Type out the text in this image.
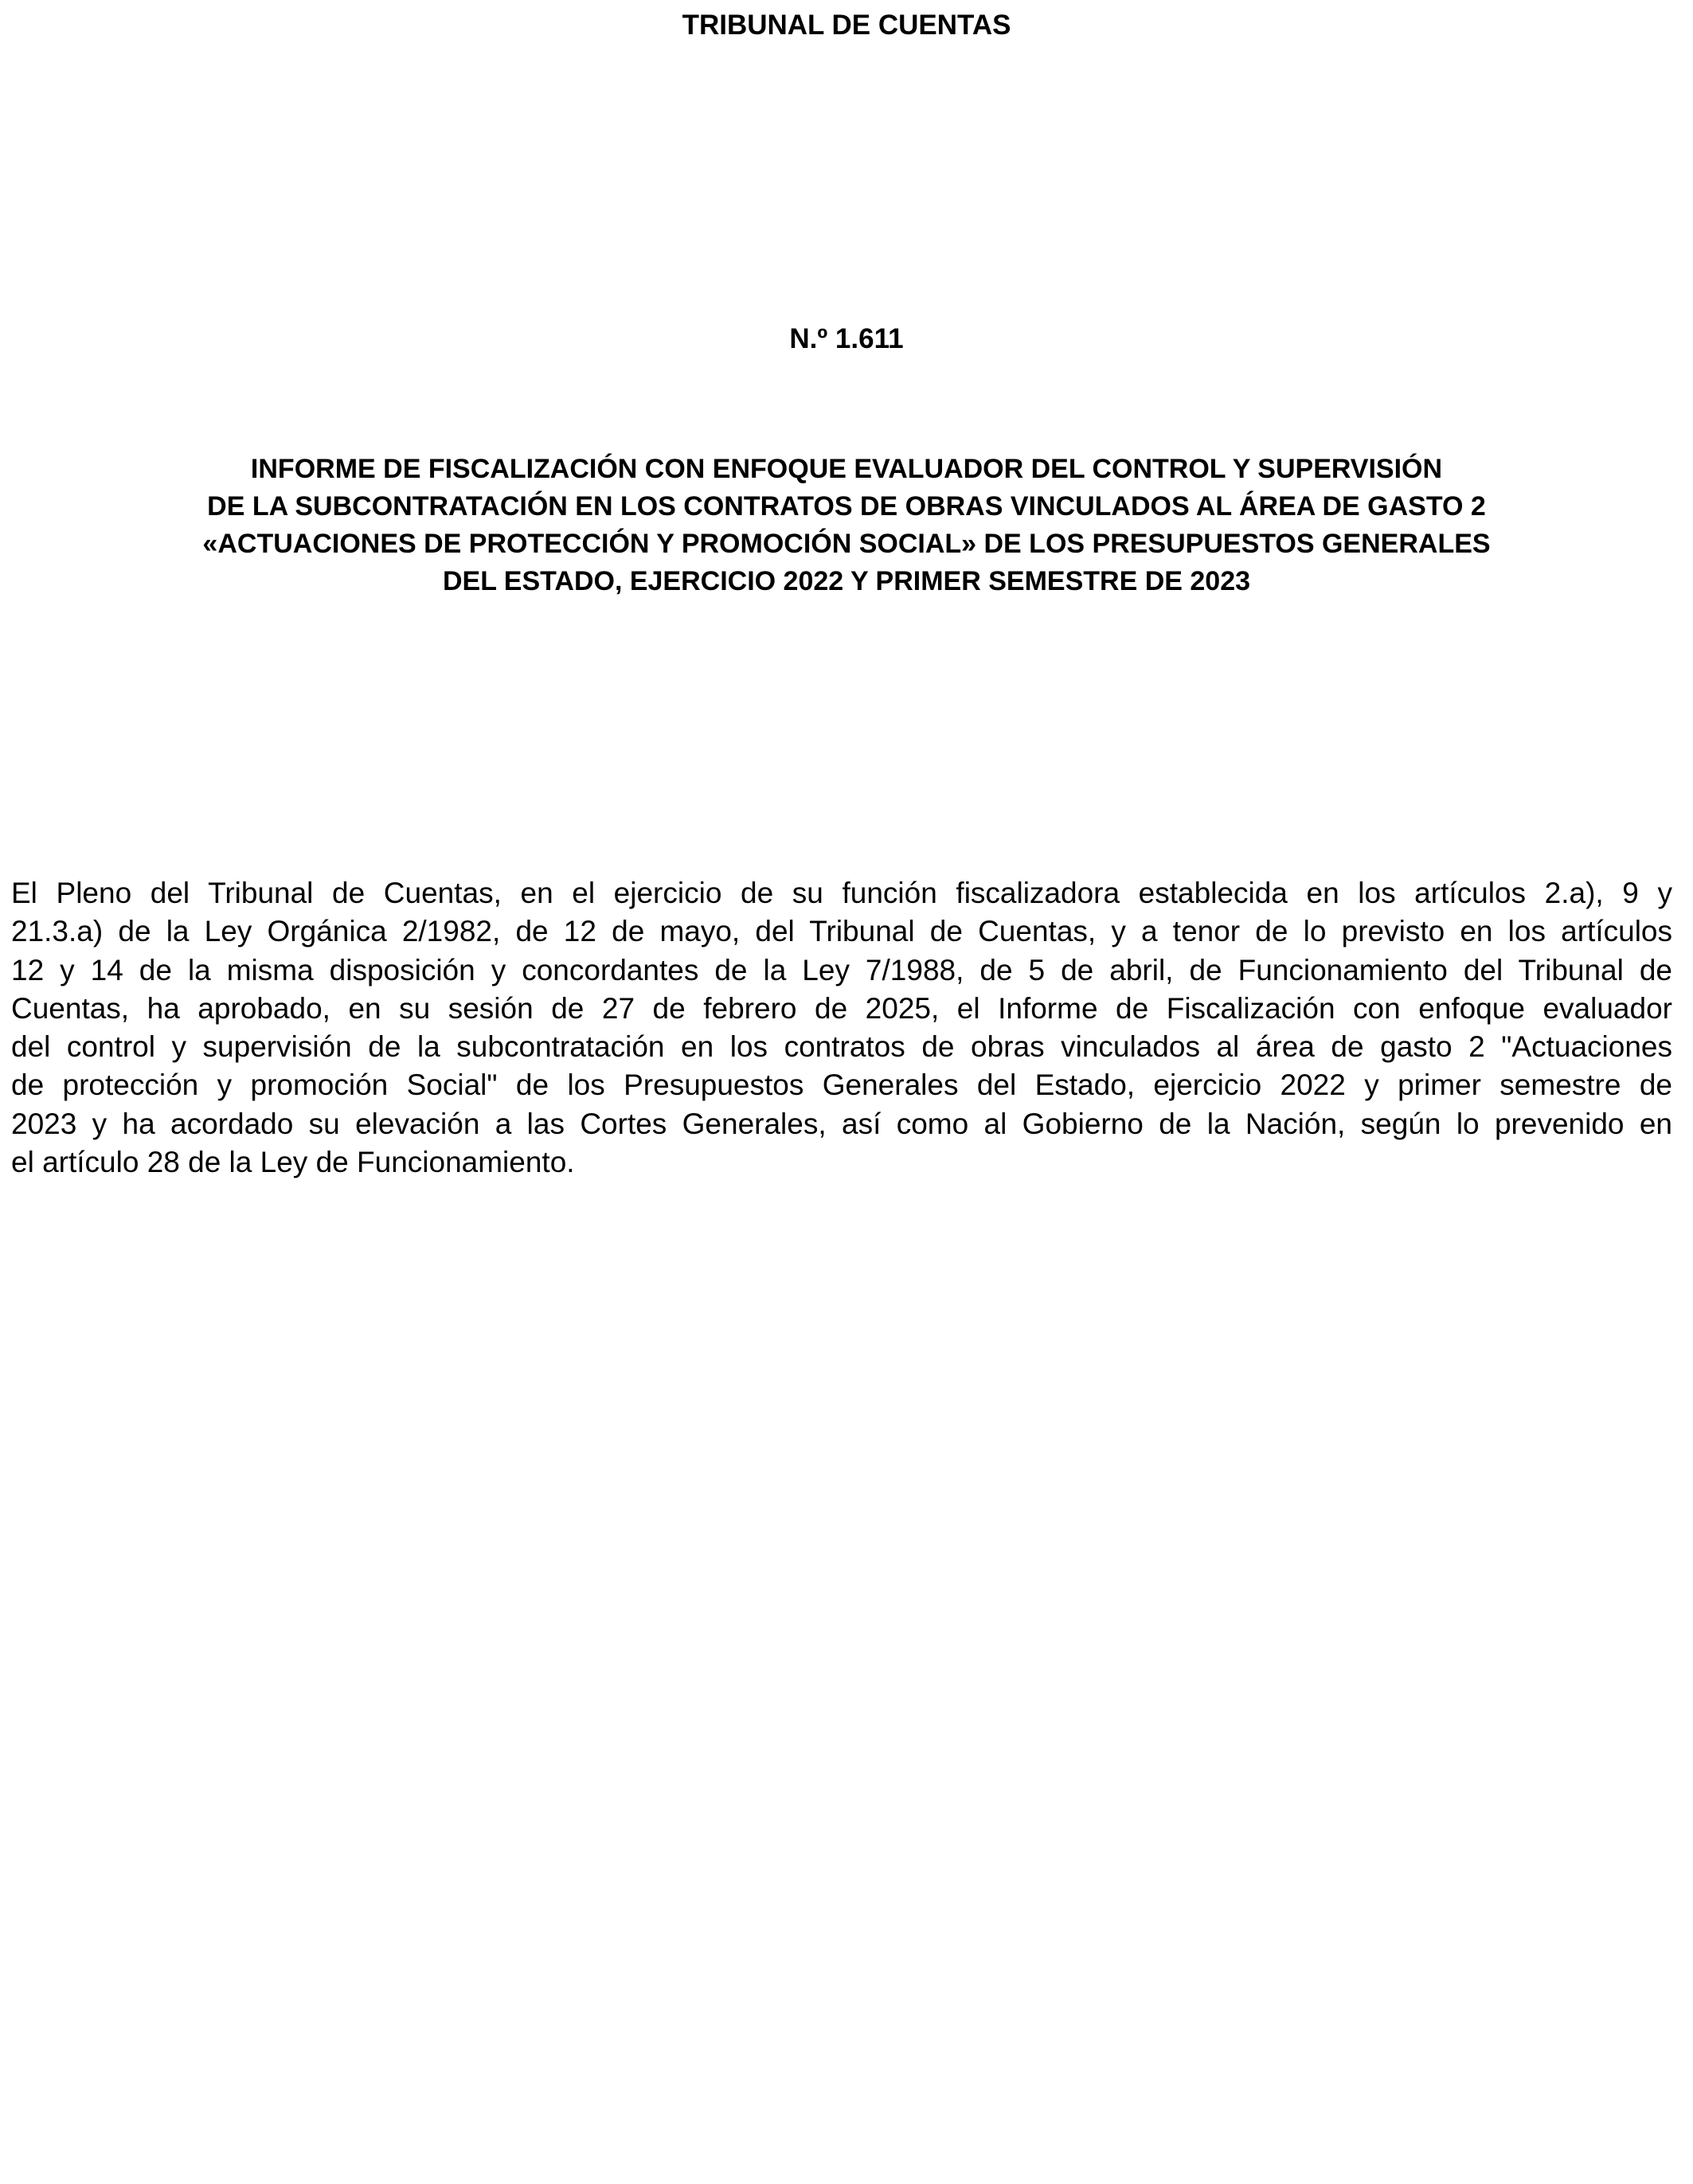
TRIBUNAL DE CUENTAS
N.º 1.611
INFORME DE FISCALIZACIÓN CON ENFOQUE EVALUADOR DEL CONTROL Y SUPERVISIÓN
DE LA SUBCONTRATACIÓN EN LOS CONTRATOS DE OBRAS VINCULADOS AL ÁREA DE GASTO 2
«ACTUACIONES DE PROTECCIÓN Y PROMOCIÓN SOCIAL» DE LOS PRESUPUESTOS GENERALES
DEL ESTADO, EJERCICIO 2022 Y PRIMER SEMESTRE DE 2023
El Pleno del Tribunal de Cuentas, en el ejercicio de su función fiscalizadora establecida en los artículos 2.a), 9 y
21.3.a) de la Ley Orgánica 2/1982, de 12 de mayo, del Tribunal de Cuentas, y a tenor de lo previsto en los artículos
12 y 14 de la misma disposición y concordantes de la Ley 7/1988, de 5 de abril, de Funcionamiento del Tribunal de
Cuentas, ha aprobado, en su sesión de 27 de febrero de 2025, el Informe de Fiscalización con enfoque evaluador
del control y supervisión de la subcontratación en los contratos de obras vinculados al área de gasto 2 "Actuaciones
de protección y promoción Social" de los Presupuestos Generales del Estado, ejercicio 2022 y primer semestre de
2023 y ha acordado su elevación a las Cortes Generales, así como al Gobierno de la Nación, según lo prevenido en
el artículo 28 de la Ley de Funcionamiento.
